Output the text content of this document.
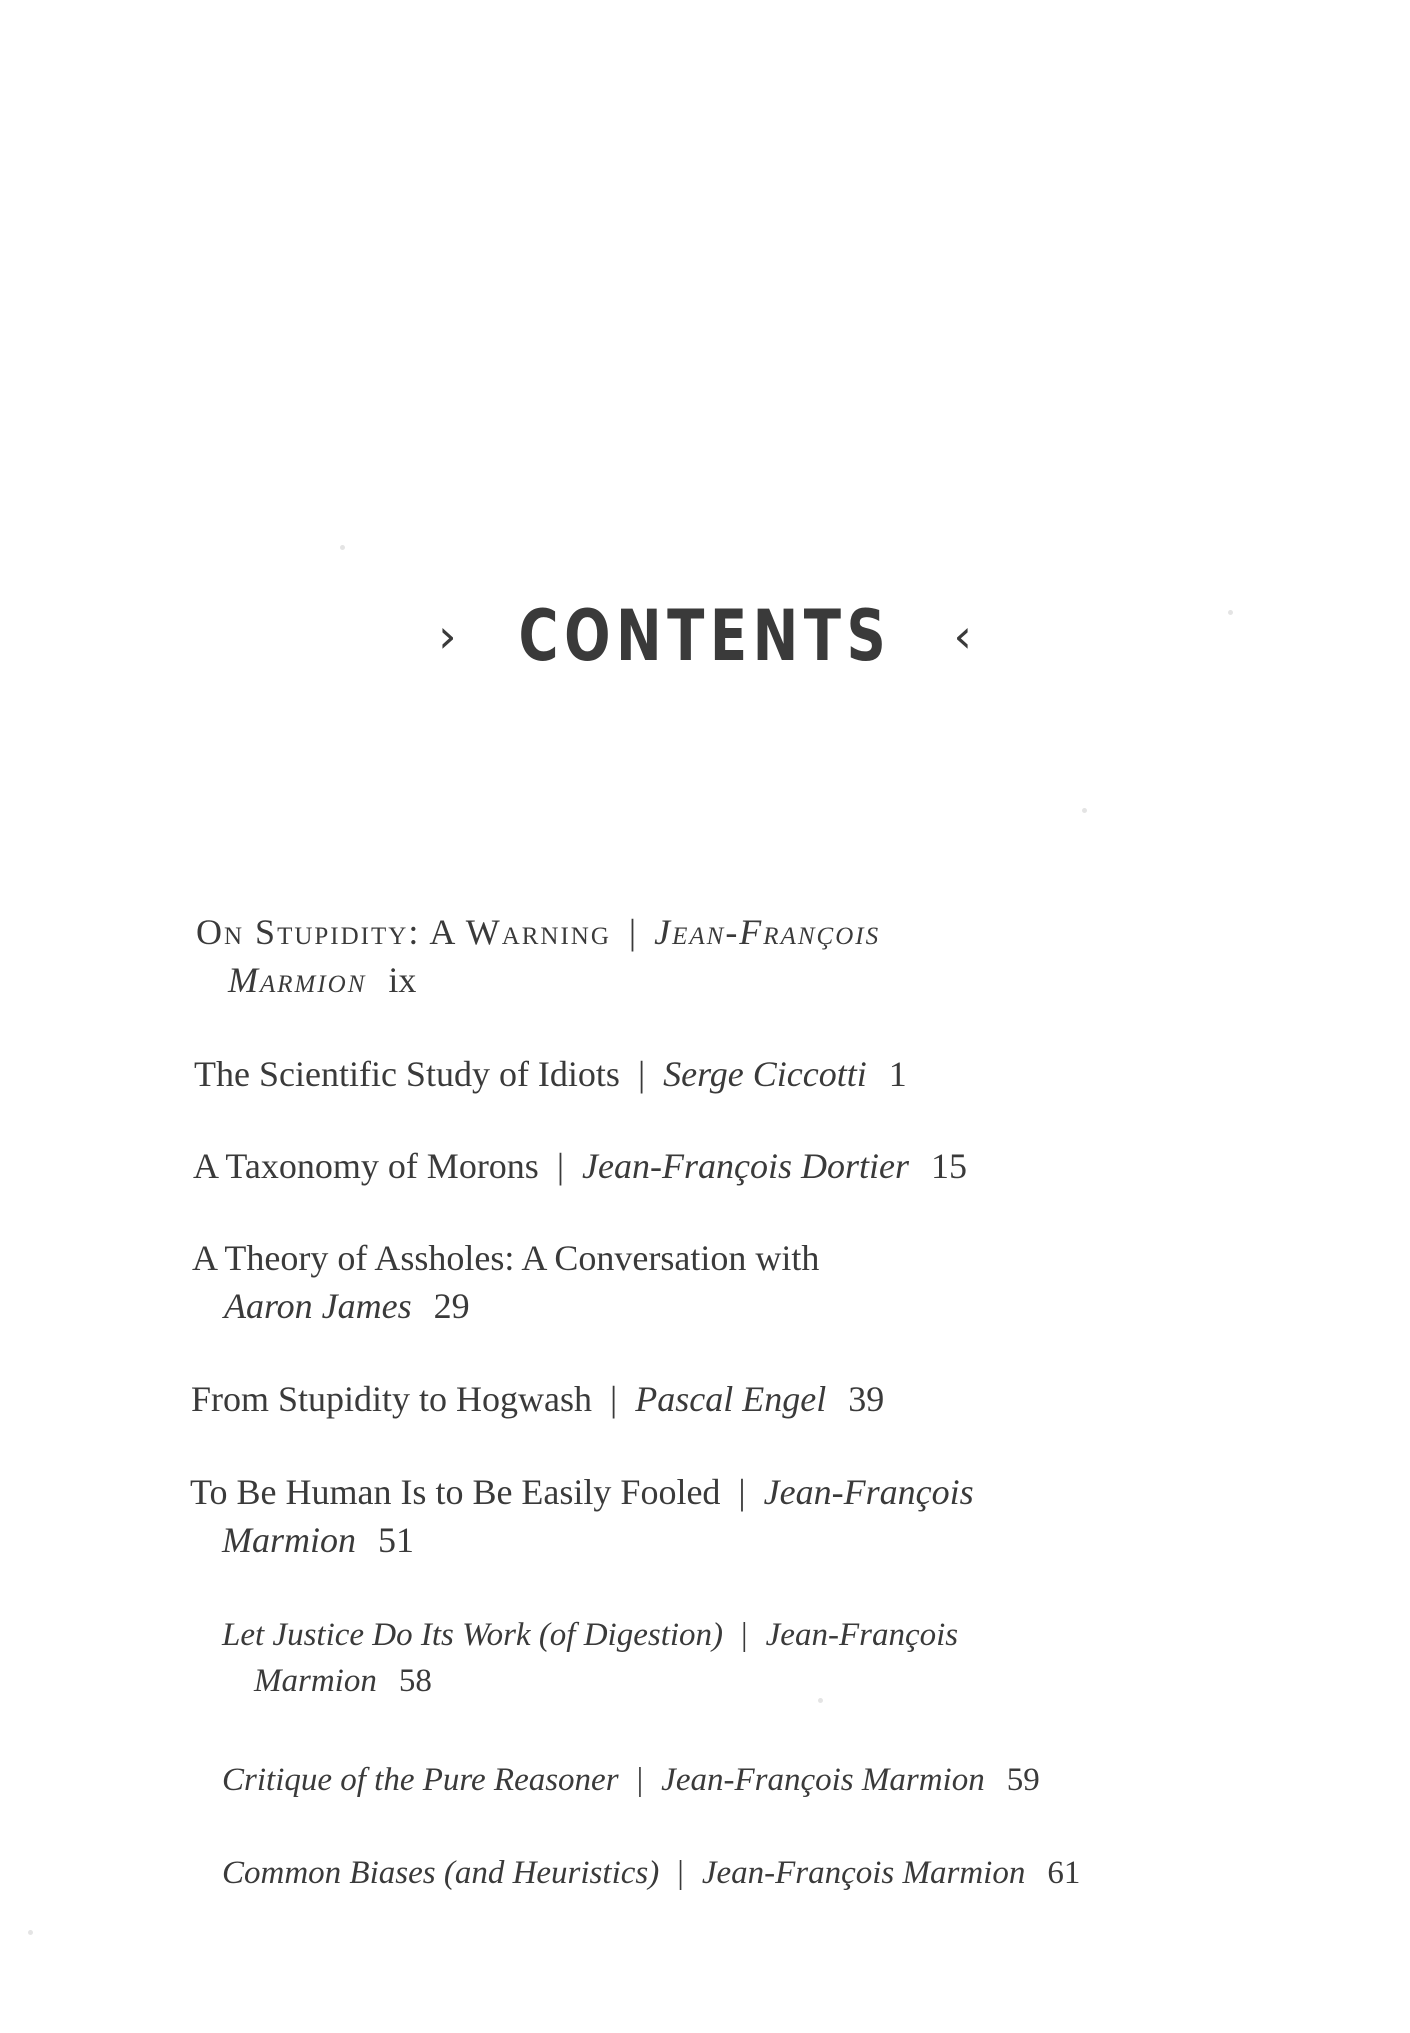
› CONTENTS ‹
On Stupidity: A Warning | Jean-François
Marmion ix
The Scientific Study of Idiots | Serge Ciccotti 1
A Taxonomy of Morons | Jean-François Dortier 15
A Theory of Assholes: A Conversation with
Aaron James 29
From Stupidity to Hogwash | Pascal Engel 39
To Be Human Is to Be Easily Fooled | Jean-François
Marmion 51
Let Justice Do Its Work (of Digestion) | Jean-François
Marmion 58
Critique of the Pure Reasoner | Jean-François Marmion 59
Common Biases (and Heuristics) | Jean-François Marmion 61
